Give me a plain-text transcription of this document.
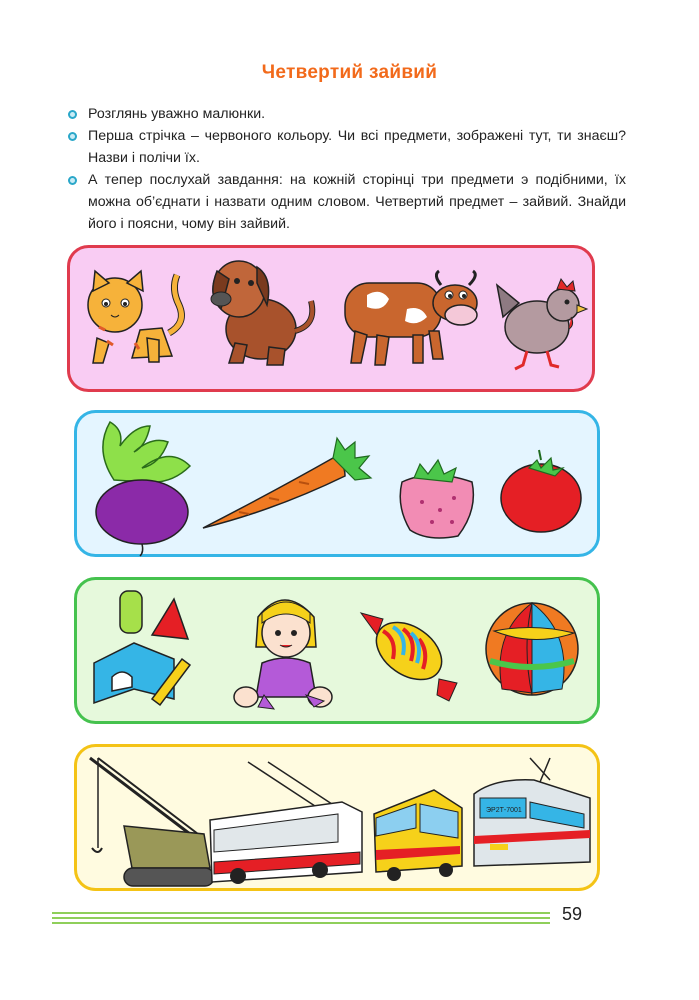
Четвертий зайвий
Розглянь уважно малюнки.
Перша стрічка – червоного кольору. Чи всі предмети, зображені тут, ти знаєш? Назви і полічи їх.
А тепер послухай завдання: на кожній сторінці три предмети э подібними, їх можна об’єднати і назвати одним словом. Четвертий предмет – зайвий. Знайди його і поясни, чому він зайвий.
ЭР2Т-7001
59
